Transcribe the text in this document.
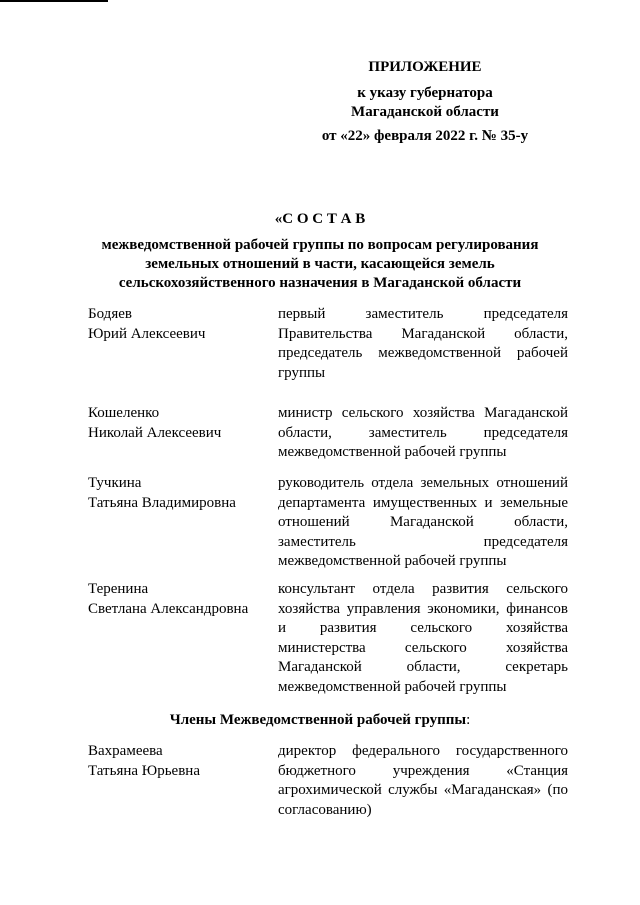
ПРИЛОЖЕНИЕ
к указу губернатора
Магаданской области
от «22» февраля 2022 г. № 35-у
«С О С Т А В
межведомственной рабочей группы по вопросам регулирования
земельных отношений в части, касающейся земель
сельскохозяйственного назначения в Магаданской области
Бодяев
Юрий Алексеевич
первый заместитель председателя Правительства Магаданской области, председатель межведомственной рабочей группы
Кошеленко
Николай Алексеевич
министр сельского хозяйства Магаданской области, заместитель председателя межведомственной рабочей группы
Тучкина
Татьяна Владимировна
руководитель отдела земельных отношений департамента имущественных и земельные отношений Магаданской области, заместитель председателя межведомственной рабочей группы
Теренина
Светлана Александровна
консультант отдела развития сельского хозяйства управления экономики, финансов и развития сельского хозяйства министерства сельского хозяйства Магаданской области, секретарь межведомственной рабочей группы
Члены Межведомственной рабочей группы:
Вахрамеева
Татьяна Юрьевна
директор федерального государственного бюджетного учреждения «Станция агрохимической службы «Магаданская» (по согласованию)
